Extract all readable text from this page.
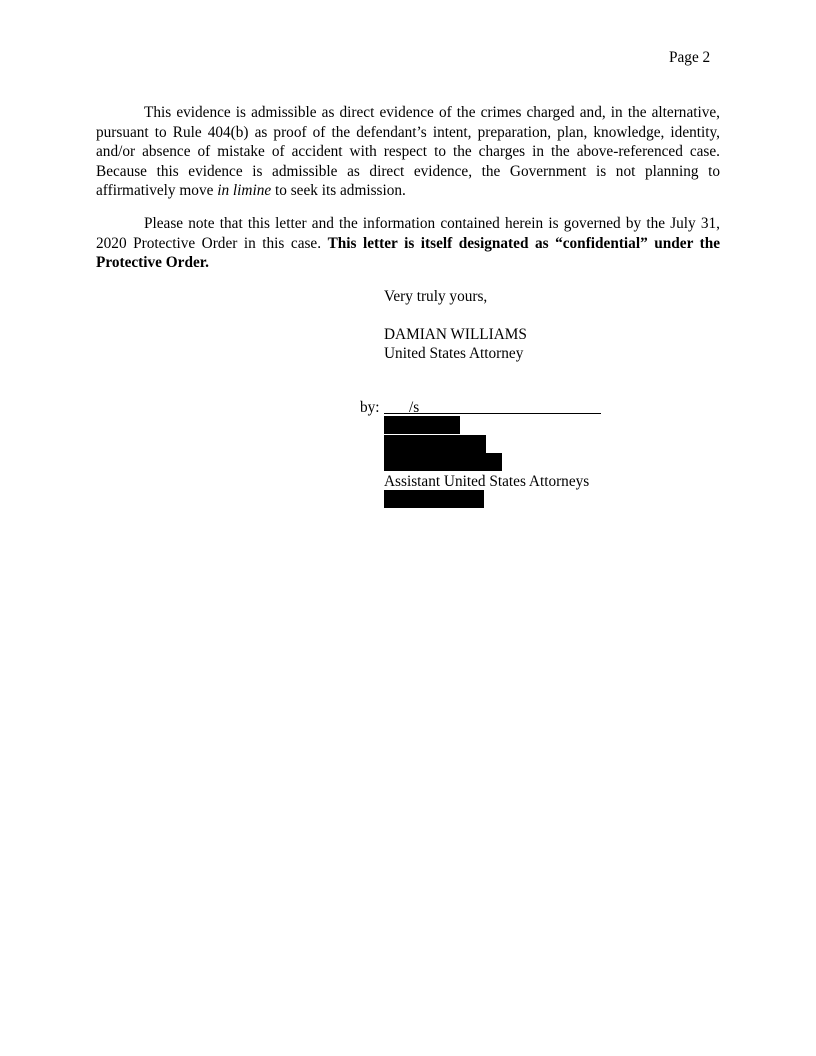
Page 2

This evidence is admissible as direct evidence of the crimes charged and, in the alternative, pursuant to Rule 404(b) as proof of the defendant’s intent, preparation, plan, knowledge, identity, and/or absence of mistake of accident with respect to the charges in the above-referenced case. Because this evidence is admissible as direct evidence, the Government is not planning to affirmatively move in limine to seek its admission.

Please note that this letter and the information contained herein is governed by the July 31, 2020 Protective Order in this case. This letter is itself designated as “confidential” under the Protective Order.

Very truly yours,
DAMIAN WILLIAMS
United States Attorney
by: /s
Assistant United States Attorneys
